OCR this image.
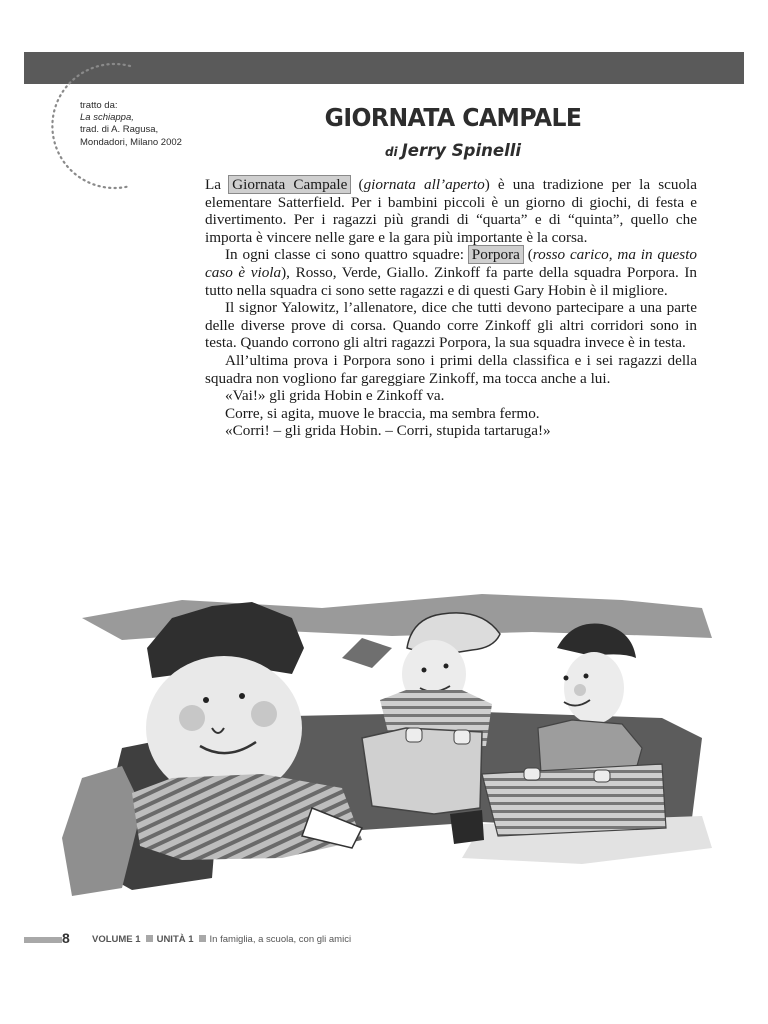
tratto da:
La schiappa,
trad. di A. Ragusa,
Mondadori, Milano 2002
GIORNATA CAMPALE
di Jerry Spinelli

La Giornata Campale (giornata all’aperto) è una tradizione per la scuola elementare Satterfield. Per i bambini piccoli è un giorno di giochi, di festa e divertimento. Per i ragazzi più grandi di “quarta” e di “quinta”, quello che importa è vincere nelle gare e la gara più importante è la corsa.

In ogni classe ci sono quattro squadre: Porpora (rosso carico, ma in questo caso è viola), Rosso, Verde, Giallo. Zinkoff fa parte della squadra Porpora. In tutto nella squadra ci sono sette ragazzi e di questi Gary Hobin è il migliore.

Il signor Yalowitz, l’allenatore, dice che tutti devono partecipare a una parte delle diverse prove di corsa. Quando corre Zinkoff gli altri corridori sono in testa. Quando corrono gli altri ragazzi Porpora, la sua squadra invece è in testa.

All’ultima prova i Porpora sono i primi della classifica e i sei ragazzi della squadra non vogliono far gareggiare Zinkoff, ma tocca anche a lui.

«Vai!» gli grida Hobin e Zinkoff va.

Corre, si agita, muove le braccia, ma sembra fermo.

«Corri! – gli grida Hobin. – Corri, stupida tartaruga!»

8 VOLUME 1 UNITÀ 1 In famiglia, a scuola, con gli amici
